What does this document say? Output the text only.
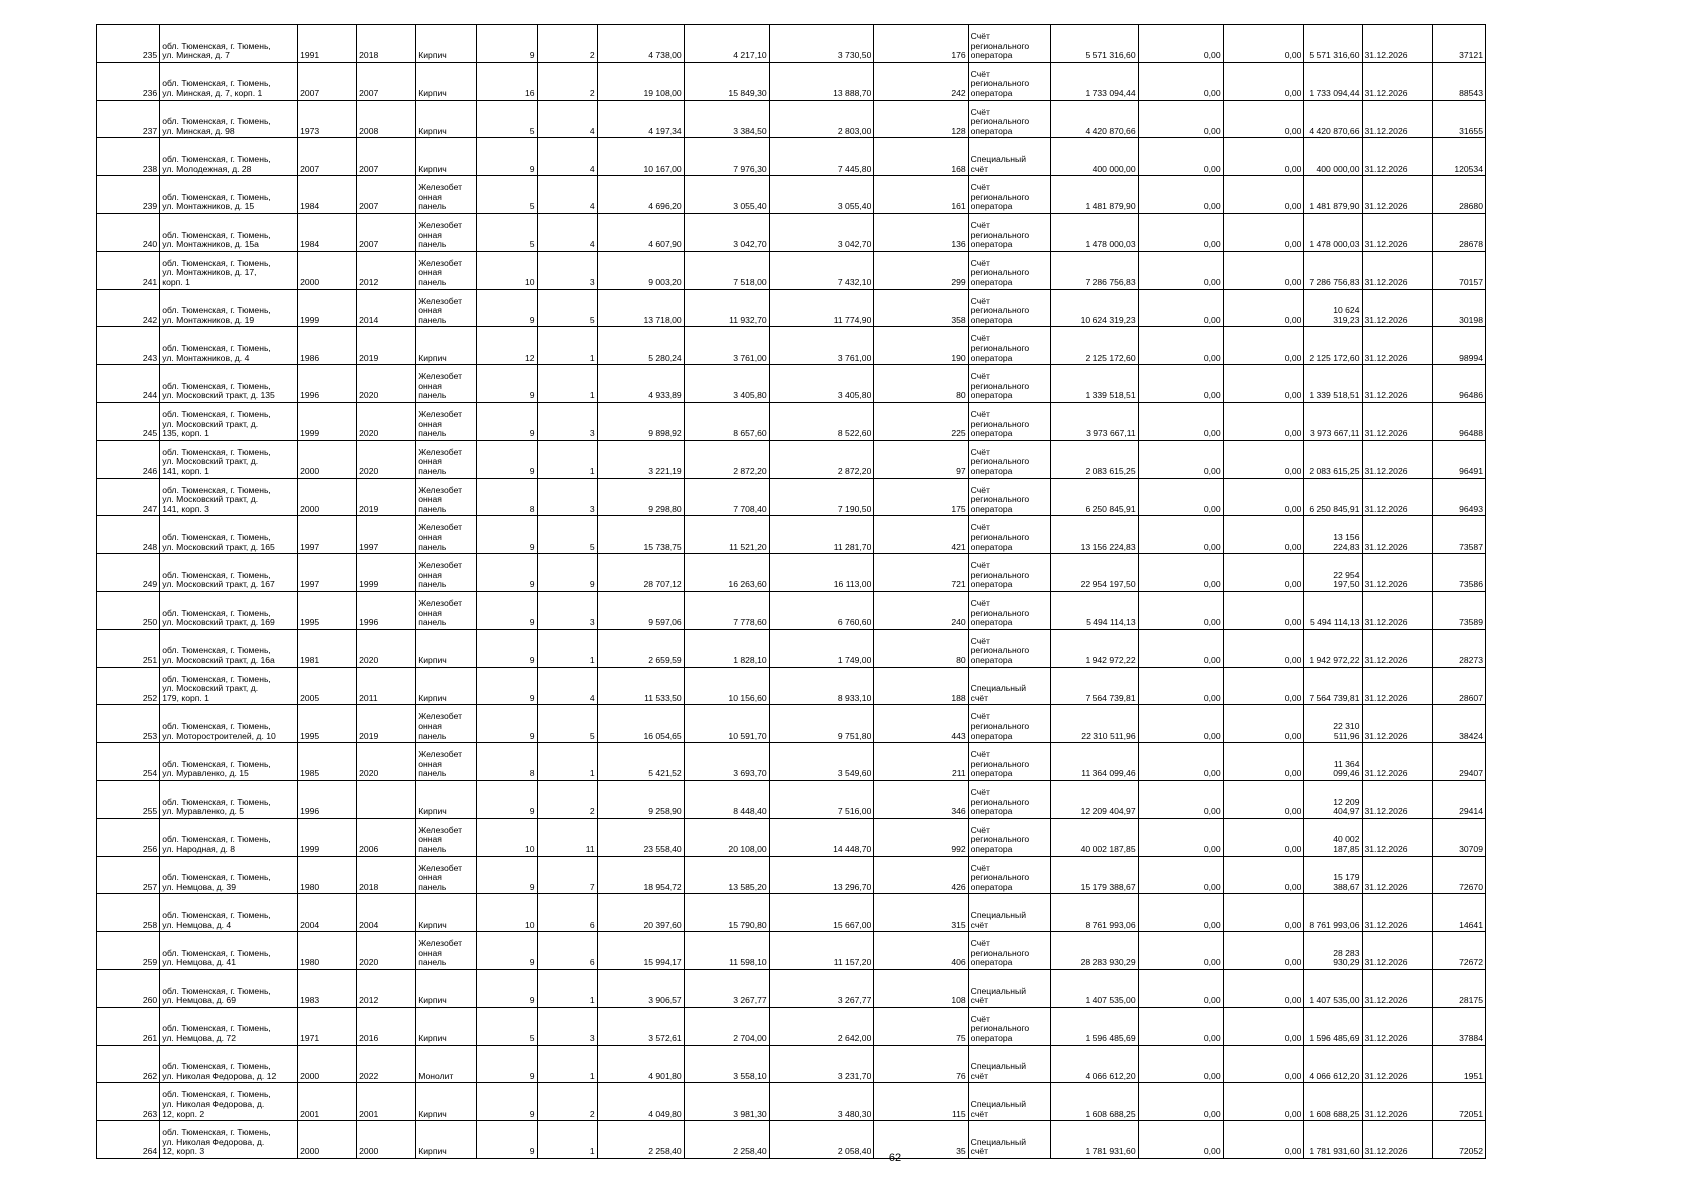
235	обл. Тюменская, г. Тюмень,
ул. Минская, д. 7	1991	2018	Кирпич	9	2	4 738,00	4 217,10	3 730,50	176	Счёт
регионального
оператора	5 571 316,60	0,00	0,00	5 571 316,60	31.12.2026	37121
236	обл. Тюменская, г. Тюмень,
ул. Минская, д. 7, корп. 1	2007	2007	Кирпич	16	2	19 108,00	15 849,30	13 888,70	242	Счёт
регионального
оператора	1 733 094,44	0,00	0,00	1 733 094,44	31.12.2026	88543
237	обл. Тюменская, г. Тюмень,
ул. Минская, д. 98	1973	2008	Кирпич	5	4	4 197,34	3 384,50	2 803,00	128	Счёт
регионального
оператора	4 420 870,66	0,00	0,00	4 420 870,66	31.12.2026	31655
238	обл. Тюменская, г. Тюмень,
ул. Молодежная, д. 28	2007	2007	Кирпич	9	4	10 167,00	7 976,30	7 445,80	168	Специальный
счёт	400 000,00	0,00	0,00	400 000,00	31.12.2026	120534
239	обл. Тюменская, г. Тюмень,
ул. Монтажников, д. 15	1984	2007	Железобет
онная
панель	5	4	4 696,20	3 055,40	3 055,40	161	Счёт
регионального
оператора	1 481 879,90	0,00	0,00	1 481 879,90	31.12.2026	28680
240	обл. Тюменская, г. Тюмень,
ул. Монтажников, д. 15а	1984	2007	Железобет
онная
панель	5	4	4 607,90	3 042,70	3 042,70	136	Счёт
регионального
оператора	1 478 000,03	0,00	0,00	1 478 000,03	31.12.2026	28678
241	обл. Тюменская, г. Тюмень,
ул. Монтажников, д. 17,
корп. 1	2000	2012	Железобет
онная
панель	10	3	9 003,20	7 518,00	7 432,10	299	Счёт
регионального
оператора	7 286 756,83	0,00	0,00	7 286 756,83	31.12.2026	70157
242	обл. Тюменская, г. Тюмень,
ул. Монтажников, д. 19	1999	2014	Железобет
онная
панель	9	5	13 718,00	11 932,70	11 774,90	358	Счёт
регионального
оператора	10 624 319,23	0,00	0,00	10 624 319,23	31.12.2026	30198
243	обл. Тюменская, г. Тюмень,
ул. Монтажников, д. 4	1986	2019	Кирпич	12	1	5 280,24	3 761,00	3 761,00	190	Счёт
регионального
оператора	2 125 172,60	0,00	0,00	2 125 172,60	31.12.2026	98994
244	обл. Тюменская, г. Тюмень,
ул. Московский тракт, д. 135	1996	2020	Железобет
онная
панель	9	1	4 933,89	3 405,80	3 405,80	80	Счёт
регионального
оператора	1 339 518,51	0,00	0,00	1 339 518,51	31.12.2026	96486
245	обл. Тюменская, г. Тюмень,
ул. Московский тракт, д.
135, корп. 1	1999	2020	Железобет
онная
панель	9	3	9 898,92	8 657,60	8 522,60	225	Счёт
регионального
оператора	3 973 667,11	0,00	0,00	3 973 667,11	31.12.2026	96488
246	обл. Тюменская, г. Тюмень,
ул. Московский тракт, д.
141, корп. 1	2000	2020	Железобет
онная
панель	9	1	3 221,19	2 872,20	2 872,20	97	Счёт
регионального
оператора	2 083 615,25	0,00	0,00	2 083 615,25	31.12.2026	96491
247	обл. Тюменская, г. Тюмень,
ул. Московский тракт, д.
141, корп. 3	2000	2019	Железобет
онная
панель	8	3	9 298,80	7 708,40	7 190,50	175	Счёт
регионального
оператора	6 250 845,91	0,00	0,00	6 250 845,91	31.12.2026	96493
248	обл. Тюменская, г. Тюмень,
ул. Московский тракт, д. 165	1997	1997	Железобет
онная
панель	9	5	15 738,75	11 521,20	11 281,70	421	Счёт
регионального
оператора	13 156 224,83	0,00	0,00	13 156 224,83	31.12.2026	73587
249	обл. Тюменская, г. Тюмень,
ул. Московский тракт, д. 167	1997	1999	Железобет
онная
панель	9	9	28 707,12	16 263,60	16 113,00	721	Счёт
регионального
оператора	22 954 197,50	0,00	0,00	22 954 197,50	31.12.2026	73586
250	обл. Тюменская, г. Тюмень,
ул. Московский тракт, д. 169	1995	1996	Железобет
онная
панель	9	3	9 597,06	7 778,60	6 760,60	240	Счёт
регионального
оператора	5 494 114,13	0,00	0,00	5 494 114,13	31.12.2026	73589
251	обл. Тюменская, г. Тюмень,
ул. Московский тракт, д. 16а	1981	2020	Кирпич	9	1	2 659,59	1 828,10	1 749,00	80	Счёт
регионального
оператора	1 942 972,22	0,00	0,00	1 942 972,22	31.12.2026	28273
252	обл. Тюменская, г. Тюмень,
ул. Московский тракт, д.
179, корп. 1	2005	2011	Кирпич	9	4	11 533,50	10 156,60	8 933,10	188	Специальный
счёт	7 564 739,81	0,00	0,00	7 564 739,81	31.12.2026	28607
253	обл. Тюменская, г. Тюмень,
ул. Моторостроителей, д. 10	1995	2019	Железобет
онная
панель	9	5	16 054,65	10 591,70	9 751,80	443	Счёт
регионального
оператора	22 310 511,96	0,00	0,00	22 310 511,96	31.12.2026	38424
254	обл. Тюменская, г. Тюмень,
ул. Муравленко, д. 15	1985	2020	Железобет
онная
панель	8	1	5 421,52	3 693,70	3 549,60	211	Счёт
регионального
оператора	11 364 099,46	0,00	0,00	11 364 099,46	31.12.2026	29407
255	обл. Тюменская, г. Тюмень,
ул. Муравленко, д. 5	1996		Кирпич	9	2	9 258,90	8 448,40	7 516,00	346	Счёт
регионального
оператора	12 209 404,97	0,00	0,00	12 209 404,97	31.12.2026	29414
256	обл. Тюменская, г. Тюмень,
ул. Народная, д. 8	1999	2006	Железобет
онная
панель	10	11	23 558,40	20 108,00	14 448,70	992	Счёт
регионального
оператора	40 002 187,85	0,00	0,00	40 002 187,85	31.12.2026	30709
257	обл. Тюменская, г. Тюмень,
ул. Немцова, д. 39	1980	2018	Железобет
онная
панель	9	7	18 954,72	13 585,20	13 296,70	426	Счёт
регионального
оператора	15 179 388,67	0,00	0,00	15 179 388,67	31.12.2026	72670
258	обл. Тюменская, г. Тюмень,
ул. Немцова, д. 4	2004	2004	Кирпич	10	6	20 397,60	15 790,80	15 667,00	315	Специальный
счёт	8 761 993,06	0,00	0,00	8 761 993,06	31.12.2026	14641
259	обл. Тюменская, г. Тюмень,
ул. Немцова, д. 41	1980	2020	Железобет
онная
панель	9	6	15 994,17	11 598,10	11 157,20	406	Счёт
регионального
оператора	28 283 930,29	0,00	0,00	28 283 930,29	31.12.2026	72672
260	обл. Тюменская, г. Тюмень,
ул. Немцова, д. 69	1983	2012	Кирпич	9	1	3 906,57	3 267,77	3 267,77	108	Специальный
счёт	1 407 535,00	0,00	0,00	1 407 535,00	31.12.2026	28175
261	обл. Тюменская, г. Тюмень,
ул. Немцова, д. 72	1971	2016	Кирпич	5	3	3 572,61	2 704,00	2 642,00	75	Счёт
регионального
оператора	1 596 485,69	0,00	0,00	1 596 485,69	31.12.2026	37884
262	обл. Тюменская, г. Тюмень,
ул. Николая Федорова, д. 12	2000	2022	Монолит	9	1	4 901,80	3 558,10	3 231,70	76	Специальный
счёт	4 066 612,20	0,00	0,00	4 066 612,20	31.12.2026	1951
263	обл. Тюменская, г. Тюмень,
ул. Николая Федорова, д.
12, корп. 2	2001	2001	Кирпич	9	2	4 049,80	3 981,30	3 480,30	115	Специальный
счёт	1 608 688,25	0,00	0,00	1 608 688,25	31.12.2026	72051
264	обл. Тюменская, г. Тюмень,
ул. Николая Федорова, д.
12, корп. 3	2000	2000	Кирпич	9	1	2 258,40	2 258,40	2 058,40	35	Специальный
счёт	1 781 931,60	0,00	0,00	1 781 931,60	31.12.2026	72052
62
